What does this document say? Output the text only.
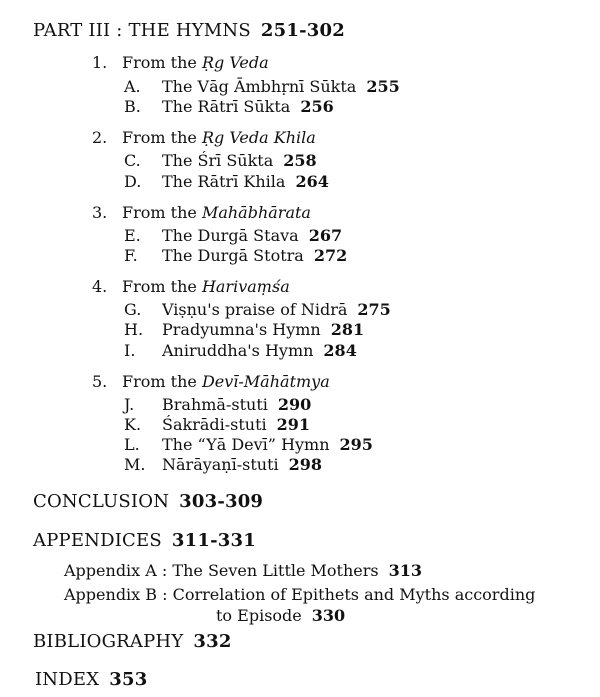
PART III : THE HYMNS 251-302
1. From the Ṛg Veda
A. The Vāg Āmbhṛnī Sūkta 255
B. The Rātrī Sūkta 256
2. From the Ṛg Veda Khila
C. The Śrī Sūkta 258
D. The Rātrī Khila 264
3. From the Mahābhārata
E. The Durgā Stava 267
F. The Durgā Stotra 272
4. From the Harivaṃśa
G. Viṣṇu's praise of Nidrā 275
H. Pradyumna's Hymn 281
I. Aniruddha's Hymn 284
5. From the Devī-Māhātmya
J. Brahmā-stuti 290
K. Śakrādi-stuti 291
L. The “Yā Devī” Hymn 295
M. Nārāyaṇī-stuti 298
CONCLUSION 303-309
APPENDICES 311-331
Appendix A : The Seven Little Mothers 313
Appendix B : Correlation of Epithets and Myths according
to Episode 330
BIBLIOGRAPHY 332
INDEX 353
